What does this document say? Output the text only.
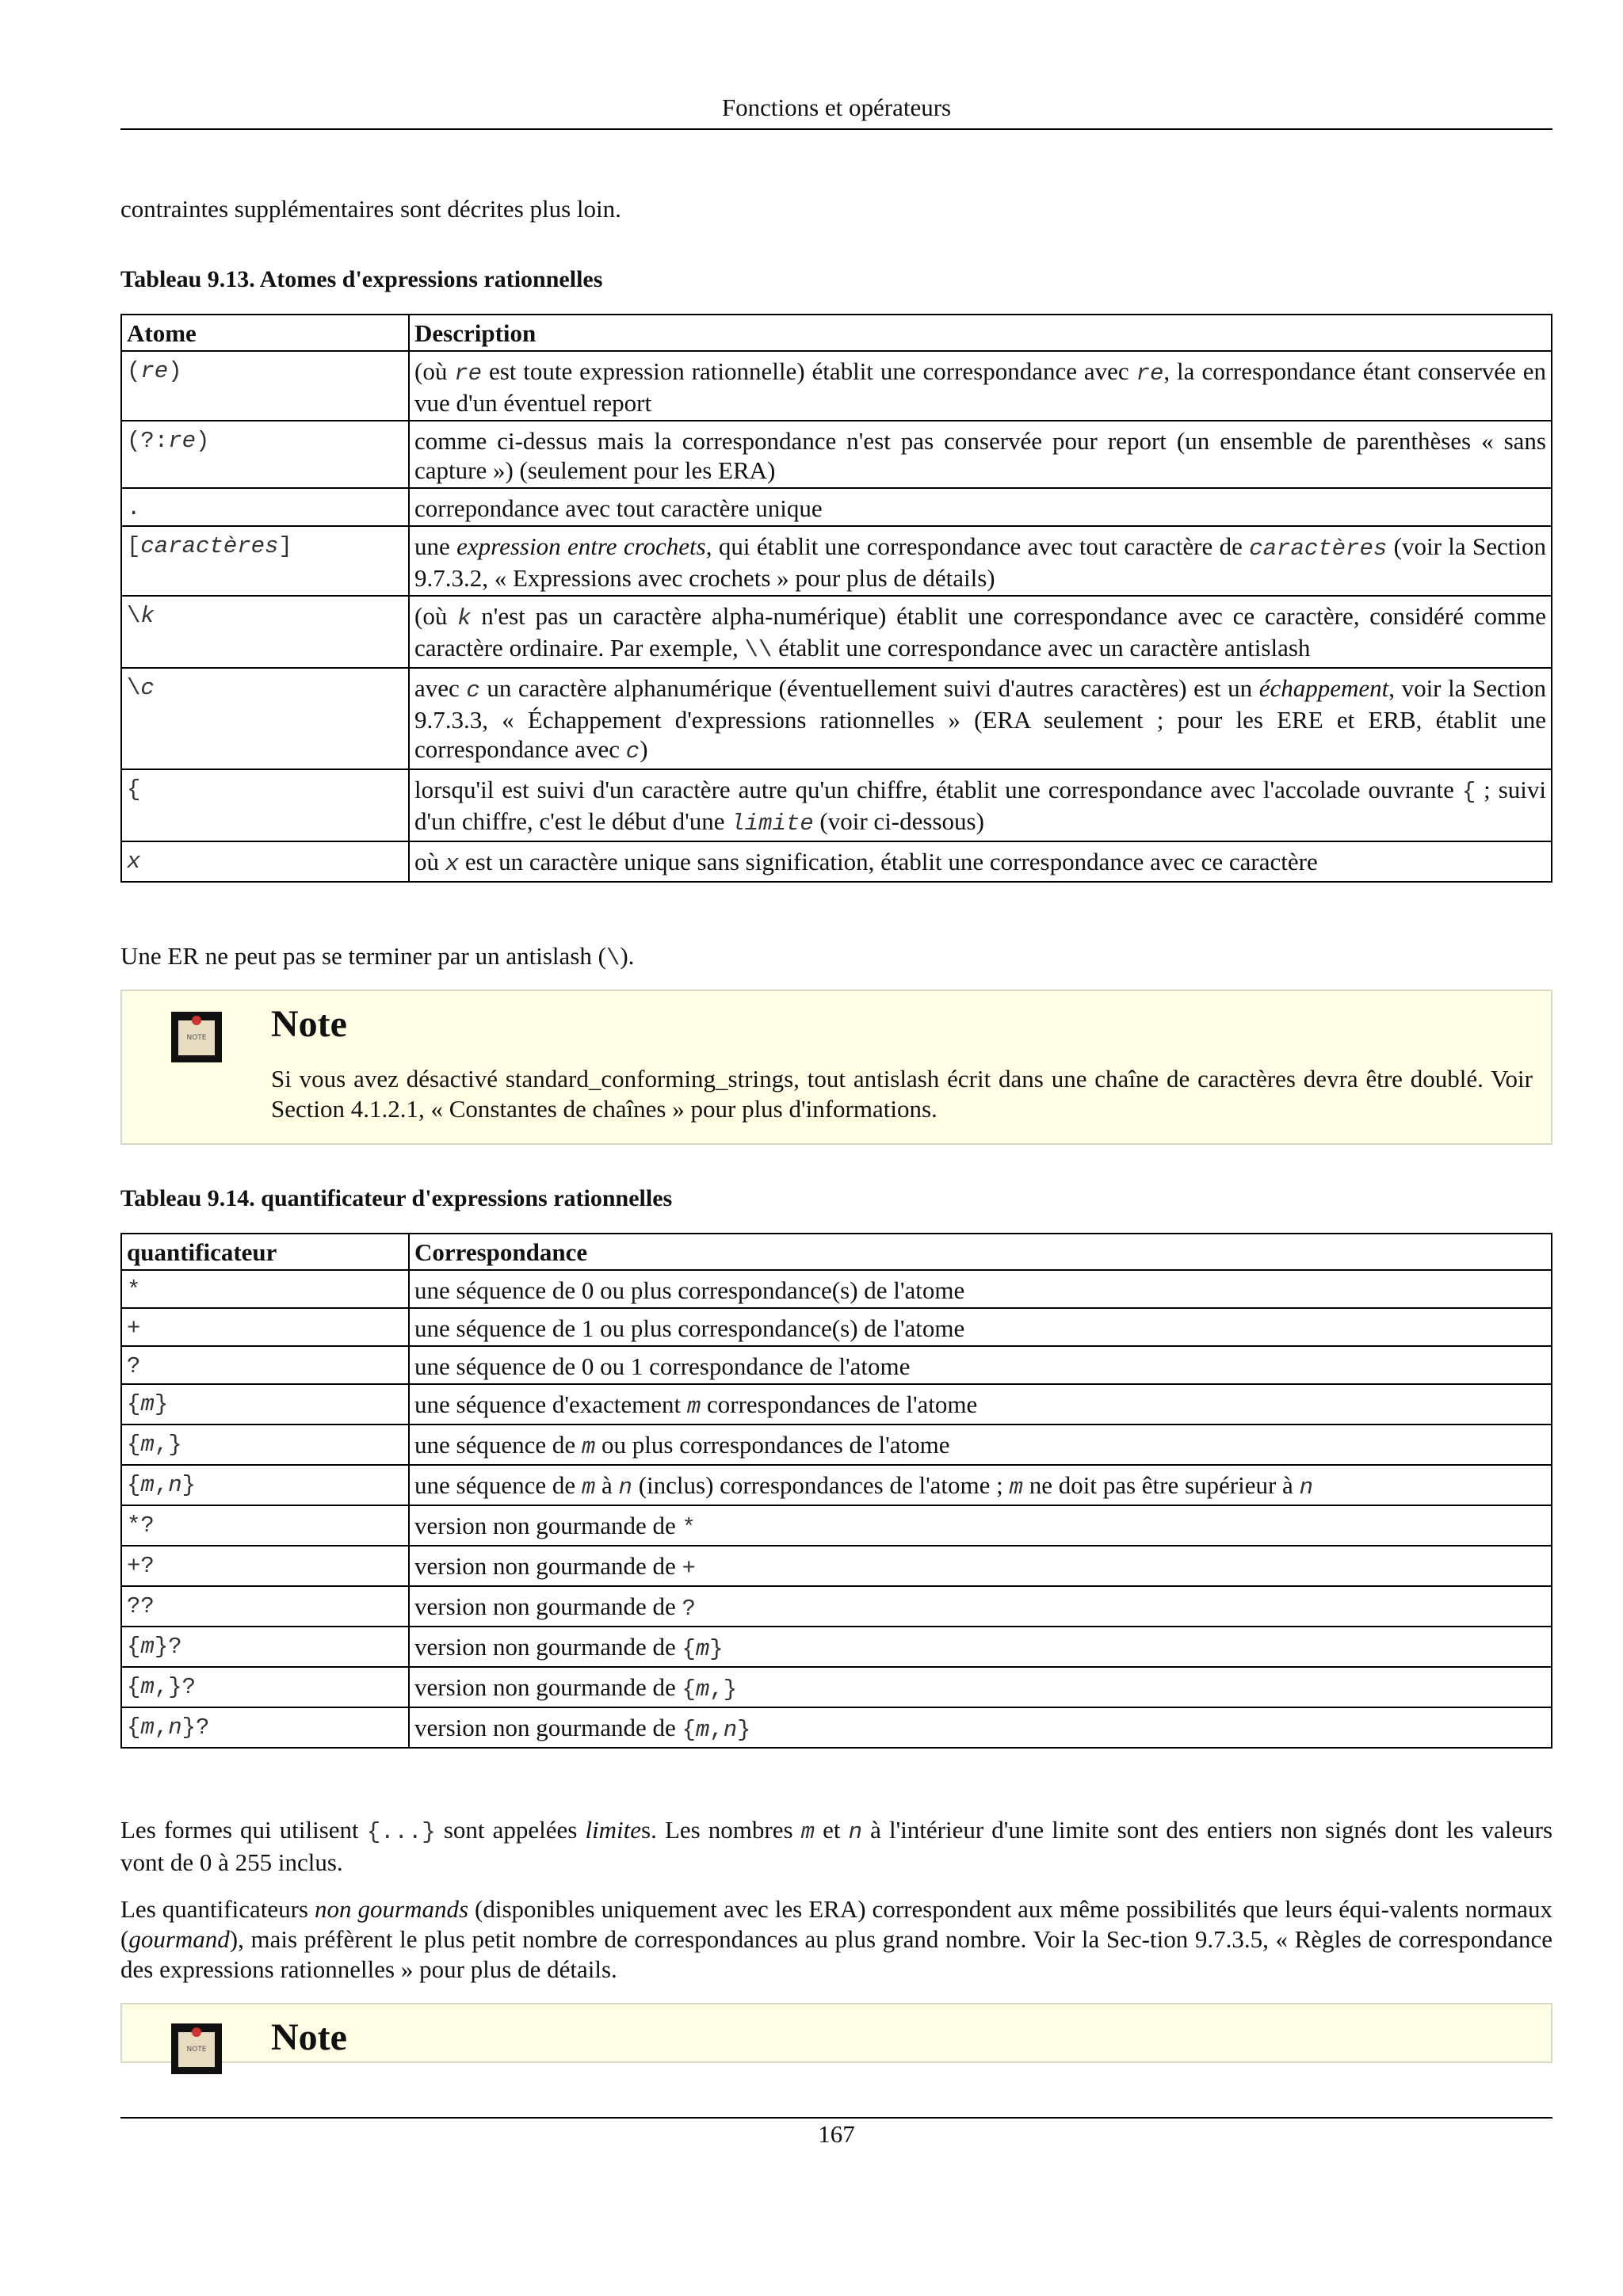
Fonctions et opérateurs

contraintes supplémentaires sont décrites plus loin.

Tableau 9.13. Atomes d'expressions rationnelles

Atome	Description
(re)	(où re est toute expression rationnelle) établit une correspondance avec re, la correspondance étant conservée en vue d'un éventuel report
(?:re)	comme ci-dessus mais la correspondance n'est pas conservée pour report (un ensemble de parenthèses « sans capture ») (seulement pour les ERA)
.	correpondance avec tout caractère unique
[caractères]	une expression entre crochets, qui établit une correspondance avec tout caractère de caractères (voir la Section 9.7.3.2, « Expressions avec crochets » pour plus de détails)
\k	(où k n'est pas un caractère alpha-numérique) établit une correspondance avec ce caractère, considéré comme caractère ordinaire. Par exemple, \\ établit une correspondance avec un caractère antislash
\c	avec c un caractère alphanumérique (éventuellement suivi d'autres caractères) est un échappement, voir la Section 9.7.3.3, « Échappement d'expressions rationnelles » (ERA seulement ; pour les ERE et ERB, établit une correspondance avec c)
{	lorsqu'il est suivi d'un caractère autre qu'un chiffre, établit une correspondance avec l'accolade ouvrante { ; suivi d'un chiffre, c'est le début d'une limite (voir ci-dessous)
x	où x est un caractère unique sans signification, établit une correspondance avec ce caractère

Une ER ne peut pas se terminer par un antislash (\).

NOTE Note
Si vous avez désactivé standard_conforming_strings, tout antislash écrit dans une chaîne de caractères devra être doublé. Voir Section 4.1.2.1, « Constantes de chaînes » pour plus d'informations.

Tableau 9.14. quantificateur d'expressions rationnelles

quantificateur	Correspondance
*	une séquence de 0 ou plus correspondance(s) de l'atome
+	une séquence de 1 ou plus correspondance(s) de l'atome
?	une séquence de 0 ou 1 correspondance de l'atome
{m}	une séquence d'exactement m correspondances de l'atome
{m,}	une séquence de m ou plus correspondances de l'atome
{m,n}	une séquence de m à n (inclus) correspondances de l'atome ; m ne doit pas être supérieur à n
*?	version non gourmande de *
+?	version non gourmande de +
??	version non gourmande de ?
{m}?	version non gourmande de {m}
{m,}?	version non gourmande de {m,}
{m,n}?	version non gourmande de {m,n}

Les formes qui utilisent {...} sont appelées limites. Les nombres m et n à l'intérieur d'une limite sont des entiers non signés dont les valeurs vont de 0 à 255 inclus.

Les quantificateurs non gourmands (disponibles uniquement avec les ERA) correspondent aux même possibilités que leurs équi-valents normaux (gourmand), mais préfèrent le plus petit nombre de correspondances au plus grand nombre. Voir la Sec-tion 9.7.3.5, « Règles de correspondance des expressions rationnelles » pour plus de détails.

NOTE Note
167
